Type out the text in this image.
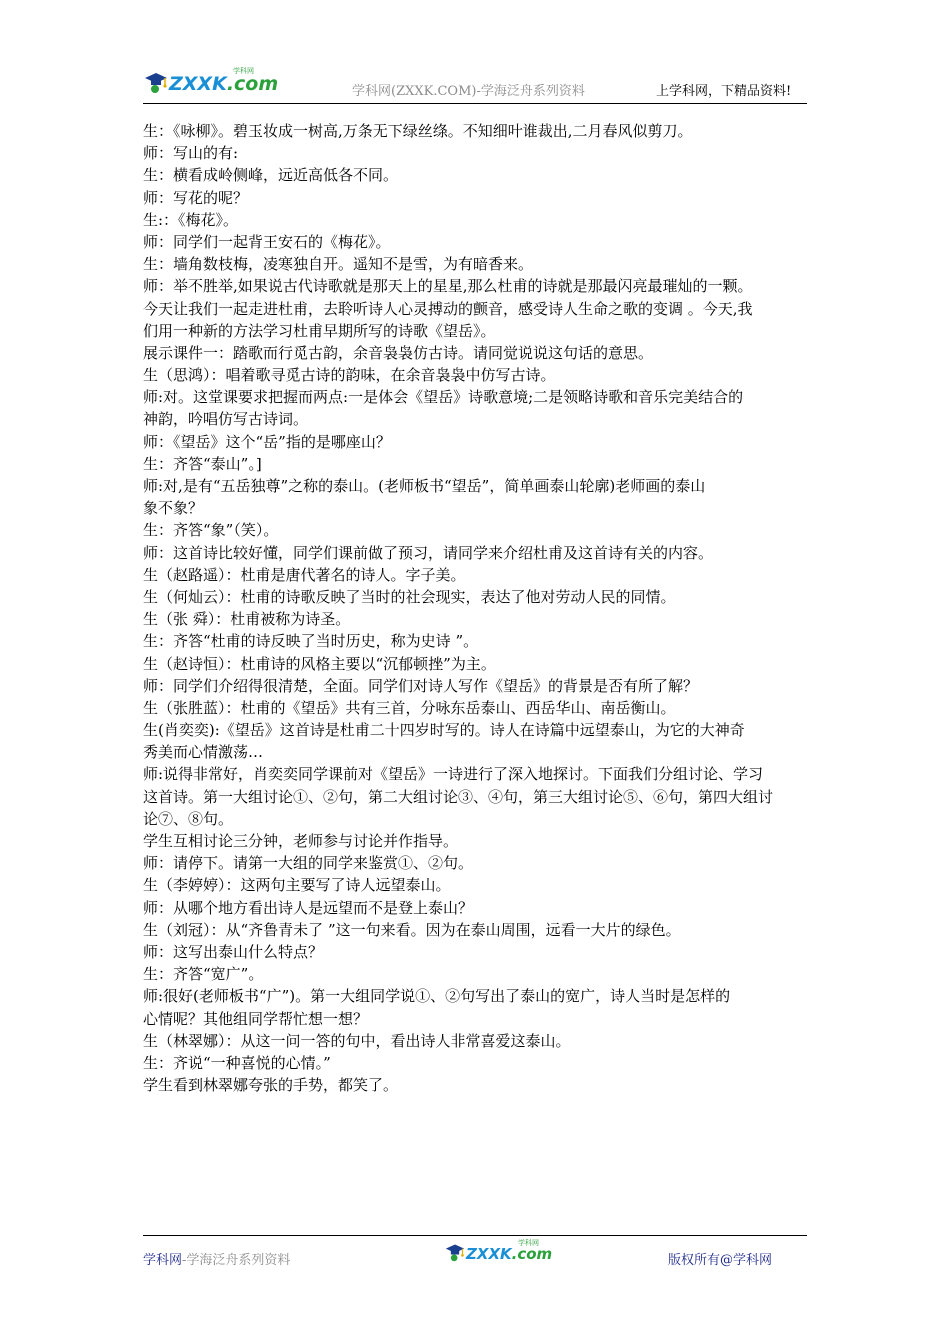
ZXXK.com
学科网
学科网(ZXXK.COM)-学海泛舟系列资料	上学科网，下精品资料!
生：《咏柳》。碧玉妆成一树高,万条无下绿丝绦。不知细叶谁裁出,二月春风似剪刀。
师：写山的有:
生：横看成岭侧峰，远近高低各不同。
师：写花的呢？
生:：《梅花》。
师：同学们一起背王安石的《梅花》。
生：墙角数枝梅，凌寒独自开。遥知不是雪，为有暗香来。
师：举不胜举,如果说古代诗歌就是那天上的星星,那么杜甫的诗就是那最闪亮最璀灿的一颗。
今天让我们一起走进杜甫，去聆听诗人心灵搏动的颤音，感受诗人生命之歌的变调 。今天,我
们用一种新的方法学习杜甫早期所写的诗歌《望岳》。
展示课件一：踏歌而行觅古韵，余音袅袅仿古诗。请同觉说说这句话的意思。
生（思鸿）：唱着歌寻觅古诗的韵味，在余音袅袅中仿写古诗。
师:对。这堂课要求把握而两点:一是体会《望岳》诗歌意境;二是领略诗歌和音乐完美结合的
神韵，吟唱仿写古诗词。
师：《望岳》这个“岳”指的是哪座山？
生：齐答“泰山”。]
师:对,是有“五岳独尊”之称的泰山。(老师板书“望岳”，简单画泰山轮廓)老师画的泰山
象不象？
生：齐答“象”（笑）。
师：这首诗比较好懂，同学们课前做了预习，请同学来介绍杜甫及这首诗有关的内容。
生（赵路遥）：杜甫是唐代著名的诗人。字子美。
生（何灿云）：杜甫的诗歌反映了当时的社会现实，表达了他对劳动人民的同情。
生（张 舜）：杜甫被称为诗圣。
生：齐答“杜甫的诗反映了当时历史，称为史诗 ”。
生（赵诗恒）：杜甫诗的风格主要以“沉郁顿挫”为主。
师：同学们介绍得很清楚，全面。同学们对诗人写作《望岳》的背景是否有所了解？
生（张胜蓝）：杜甫的《望岳》共有三首，分咏东岳泰山、西岳华山、南岳衡山。
生(肖奕奕):《望岳》这首诗是杜甫二十四岁时写的。诗人在诗篇中远望泰山，为它的大神奇
秀美而心情激荡…
师:说得非常好，肖奕奕同学课前对《望岳》一诗进行了深入地探讨。下面我们分组讨论、学习
这首诗。第一大组讨论①、②句，第二大组讨论③、④句，第三大组讨论⑤、⑥句，第四大组讨
论⑦、⑧句。
学生互相讨论三分钟，老师参与讨论并作指导。
师：请停下。请第一大组的同学来鉴赏①、②句。
生（李婷婷）：这两句主要写了诗人远望泰山。
师：从哪个地方看出诗人是远望而不是登上泰山？
生（刘冠）：从“齐鲁青未了 ”这一句来看。因为在泰山周围，远看一大片的绿色。
师：这写出泰山什么特点？
生：齐答“宽广”。
师:很好(老师板书“广”)。第一大组同学说①、②句写出了泰山的宽广，诗人当时是怎样的
心情呢？其他组同学帮忙想一想？
生（林翠娜）：从这一问一答的句中，看出诗人非常喜爱这泰山。
生：齐说“一种喜悦的心情。”
学生看到林翠娜夸张的手势，都笑了。
学科网-学海泛舟系列资料	ZXXK.com
学科网
版权所有@学科网
